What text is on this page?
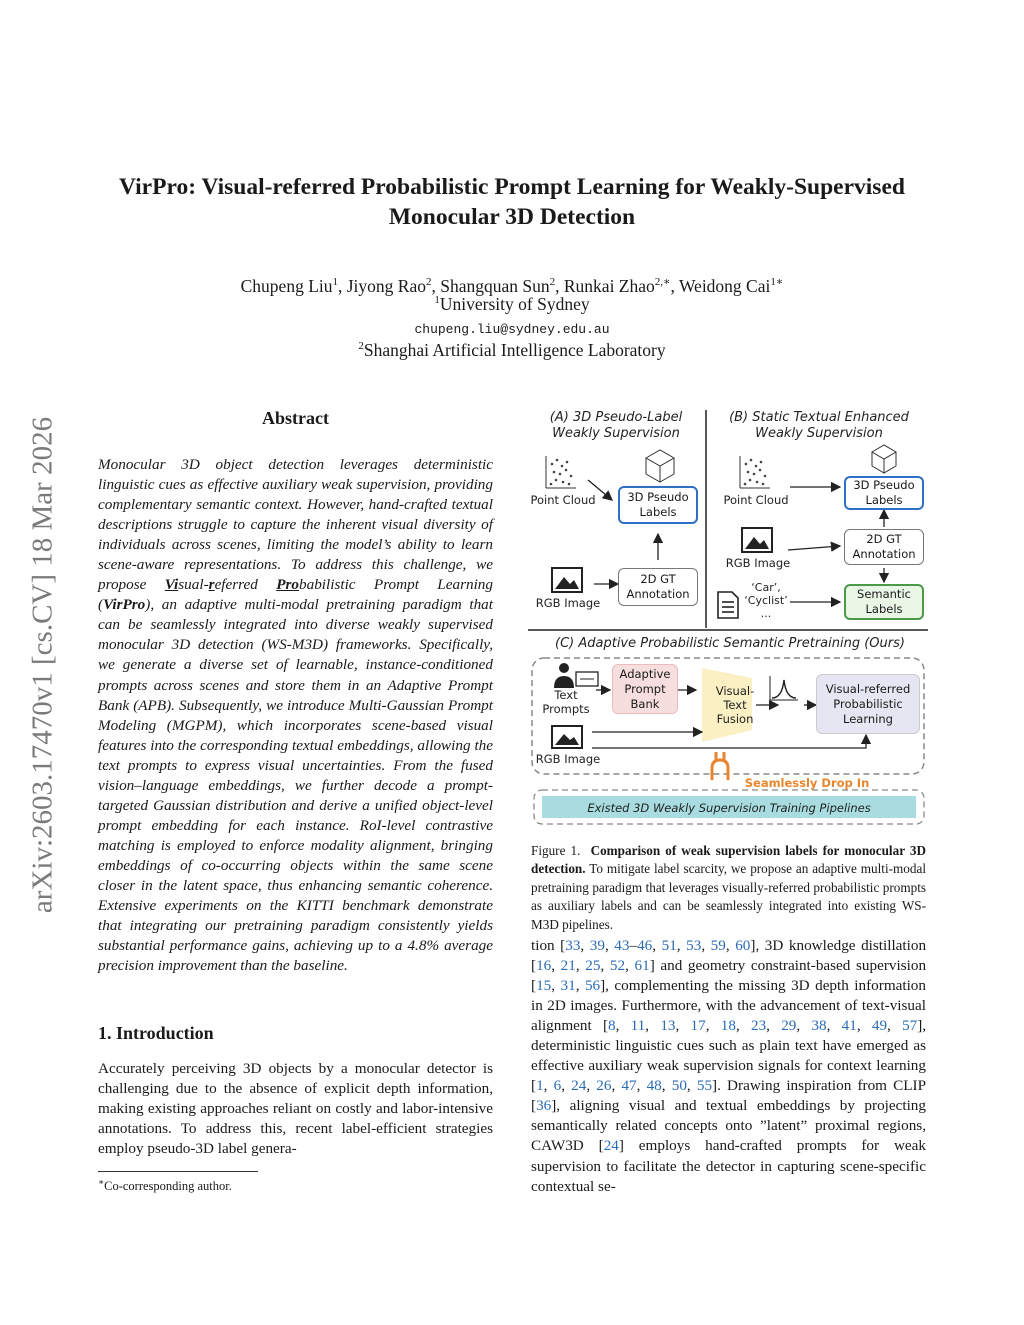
arXiv:2603.17470v1 [cs.CV] 18 Mar 2026
VirPro: Visual-referred Probabilistic Prompt Learning for Weakly-Supervised
Monocular 3D Detection
Chupeng Liu$^1$, Jiyong Rao$^2$, Shangquan Sun$^2$, Runkai Zhao$^{2,∗}$, Weidong Cai$^{1∗}$
$^1$University of Sydney
chupeng.liu@sydney.edu.au
$^2$Shanghai Artificial Intelligence Laboratory
Abstract
Monocular 3D object detection leverages deterministic linguistic cues as effective auxiliary weak supervision, providing complementary semantic context. However, hand-crafted textual descriptions struggle to capture the inherent visual diversity of individuals across scenes, limiting the model’s ability to learn scene-aware representations. To address this challenge, we propose Visual-referred Probabilistic Prompt Learning (VirPro), an adaptive multi-modal pretraining paradigm that can be seamlessly integrated into diverse weakly supervised monocular 3D detection (WS-M3D) frameworks. Specifically, we generate a diverse set of learnable, instance-conditioned prompts across scenes and store them in an Adaptive Prompt Bank (APB). Subsequently, we introduce Multi-Gaussian Prompt Modeling (MGPM), which incorporates scene-based visual features into the corresponding textual embeddings, allowing the text prompts to express visual uncertainties. From the fused vision–language embeddings, we further decode a prompt-targeted Gaussian distribution and derive a unified object-level prompt embedding for each instance. RoI-level contrastive matching is employed to enforce modality alignment, bringing embeddings of co-occurring objects within the same scene closer in the latent space, thus enhancing semantic coherence. Extensive experiments on the KITTI benchmark demonstrate that integrating our pretraining paradigm consistently yields substantial performance gains, achieving up to a 4.8% average precision improvement than the baseline.
1. Introduction
Accurately perceiving 3D objects by a monocular detector is challenging due to the absence of explicit depth information, making existing approaches reliant on costly and labor-intensive annotations. To address this, recent label-efficient strategies employ pseudo-3D label genera-
∗Co-corresponding author.
(A) 3D Pseudo-Label
Weakly Supervision
(B) Static Textual Enhanced
Weakly Supervision
Point Cloud	3D Pseudo
Labels
2D GT
Annotation
RGB Image
Point Cloud
3D Pseudo
Labels
2D GT
Annotation
RGB Image
‘Car’,
‘Cyclist’
...
Semantic
Labels
(C) Adaptive Probabilistic Semantic Pretraining (Ours)
Text
Prompts
Adaptive
Prompt
Bank
Visual-
Text
Fusion
Visual-referred
Probabilistic
Learning
RGB Image
Seamlessly Drop In
Existed 3D Weakly Supervision Training Pipelines
Figure 1. Comparison of weak supervision labels for monocular 3D detection. To mitigate label scarcity, we propose an adaptive multi-modal pretraining paradigm that leverages visually-referred probabilistic prompts as auxiliary labels and can be seamlessly integrated into existing WS-M3D pipelines.
tion [33, 39, 43–46, 51, 53, 59, 60], 3D knowledge distillation [16, 21, 25, 52, 61] and geometry constraint-based supervision [15, 31, 56], complementing the missing 3D depth information in 2D images. Furthermore, with the advancement of text-visual alignment [8, 11, 13, 17, 18, 23, 29, 38, 41, 49, 57], deterministic linguistic cues such as plain text have emerged as effective auxiliary weak supervision signals for context learning [1, 6, 24, 26, 47, 48, 50, 55]. Drawing inspiration from CLIP [36], aligning visual and textual embeddings by projecting semantically related concepts onto ”latent” proximal regions, CAW3D [24] employs hand-crafted prompts for weak supervision to facilitate the detector in capturing scene-specific contextual se-
